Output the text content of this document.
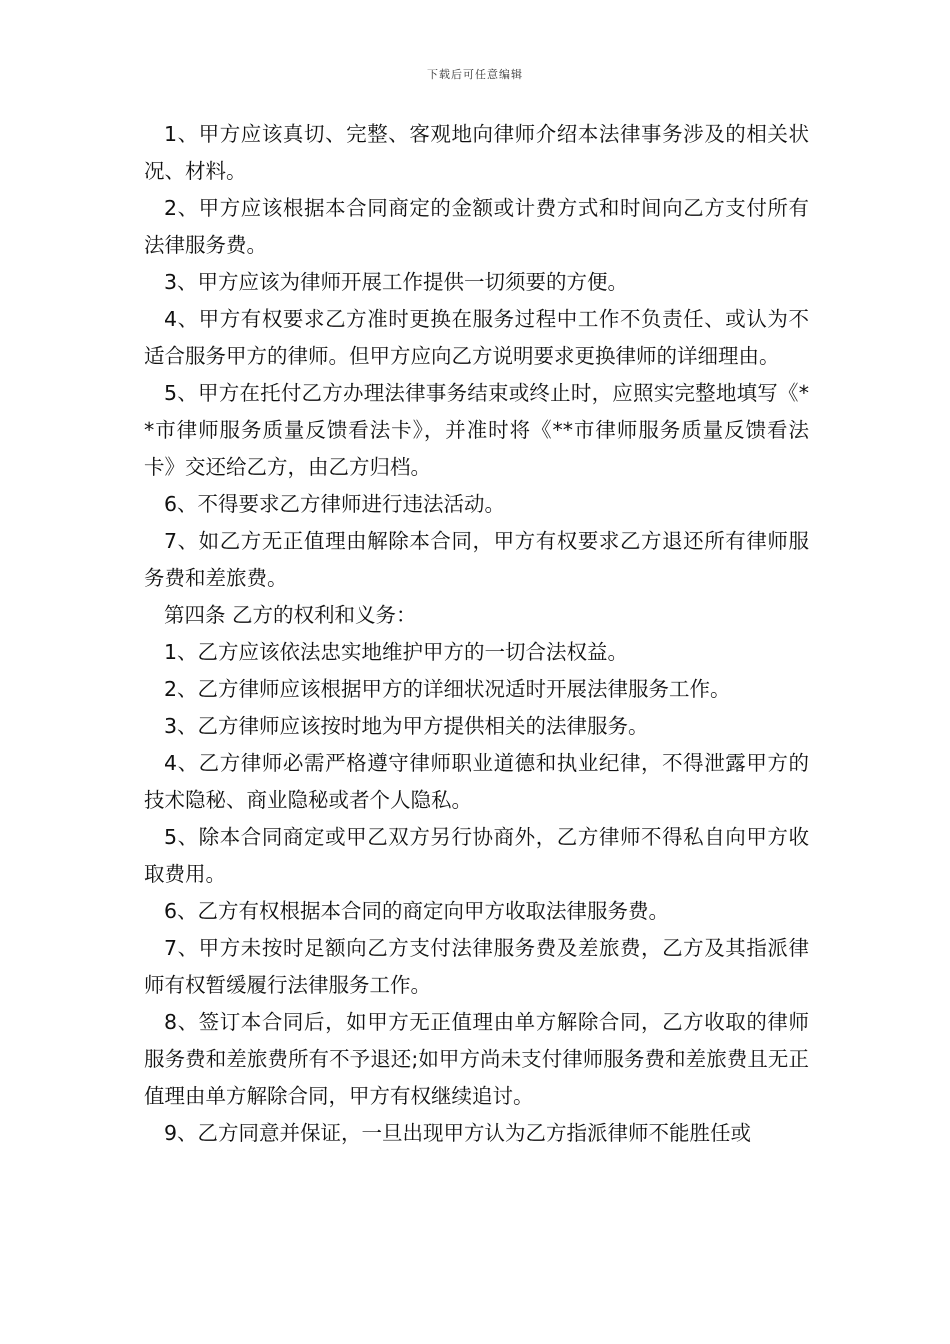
下载后可任意编辑

1、甲方应该真切、完整、客观地向律师介绍本法律事务涉及的相关状况、材料。

2、甲方应该根据本合同商定的金额或计费方式和时间向乙方支付所有法律服务费。

3、甲方应该为律师开展工作提供一切须要的方便。

4、甲方有权要求乙方准时更换在服务过程中工作不负责任、或认为不适合服务甲方的律师。但甲方应向乙方说明要求更换律师的详细理由。

5、甲方在托付乙方办理法律事务结束或终止时，应照实完整地填写《**市律师服务质量反馈看法卡》，并准时将《**市律师服务质量反馈看法卡》交还给乙方，由乙方归档。

6、不得要求乙方律师进行违法活动。

7、如乙方无正值理由解除本合同，甲方有权要求乙方退还所有律师服务费和差旅费。

第四条 乙方的权利和义务：

1、乙方应该依法忠实地维护甲方的一切合法权益。

2、乙方律师应该根据甲方的详细状况适时开展法律服务工作。

3、乙方律师应该按时地为甲方提供相关的法律服务。

4、乙方律师必需严格遵守律师职业道德和执业纪律，不得泄露甲方的技术隐秘、商业隐秘或者个人隐私。

5、除本合同商定或甲乙双方另行协商外，乙方律师不得私自向甲方收取费用。

6、乙方有权根据本合同的商定向甲方收取法律服务费。

7、甲方未按时足额向乙方支付法律服务费及差旅费，乙方及其指派律师有权暂缓履行法律服务工作。

8、签订本合同后，如甲方无正值理由单方解除合同，乙方收取的律师服务费和差旅费所有不予退还;如甲方尚未支付律师服务费和差旅费且无正值理由单方解除合同，甲方有权继续追讨。

9、乙方同意并保证，一旦出现甲方认为乙方指派律师不能胜任或
